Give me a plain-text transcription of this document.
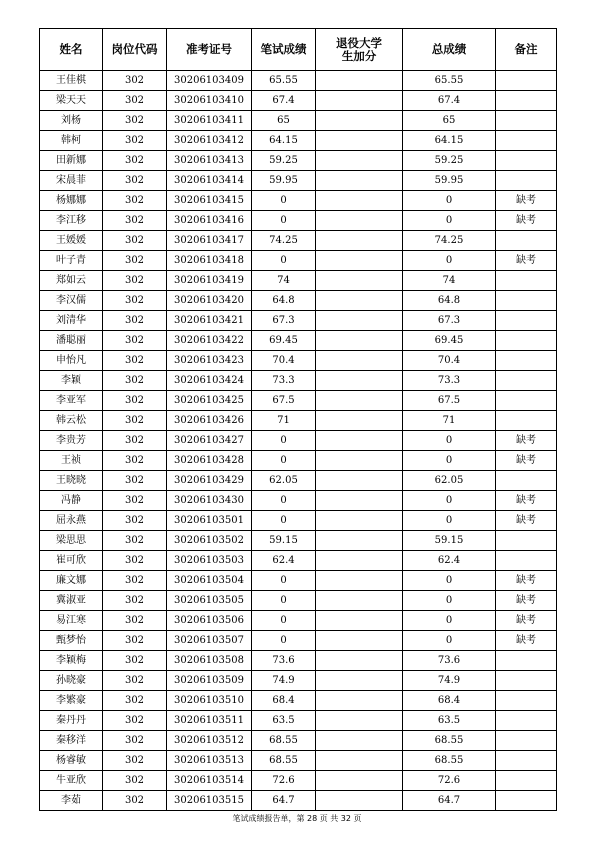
姓名	岗位代码	准考证号	笔试成绩	退役大学生加分	总成绩	备注
王佳棋	302	30206103409	65.55		65.55	
梁天天	302	30206103410	67.4		67.4	
刘杨	302	30206103411	65		65	
韩柯	302	30206103412	64.15		64.15	
田新娜	302	30206103413	59.25		59.25	
宋晨菲	302	30206103414	59.95		59.95	
杨娜娜	302	30206103415	0		0	缺考
李江移	302	30206103416	0		0	缺考
王媛媛	302	30206103417	74.25		74.25	
叶子青	302	30206103418	0		0	缺考
郑如云	302	30206103419	74		74	
李汉儒	302	30206103420	64.8		64.8	
刘清华	302	30206103421	67.3		67.3	
潘聪丽	302	30206103422	69.45		69.45	
申怡凡	302	30206103423	70.4		70.4	
李颖	302	30206103424	73.3		73.3	
李亚军	302	30206103425	67.5		67.5	
韩云松	302	30206103426	71		71	
李贵芳	302	30206103427	0		0	缺考
王祯	302	30206103428	0		0	缺考
王晓晓	302	30206103429	62.05		62.05	
冯静	302	30206103430	0		0	缺考
屈永燕	302	30206103501	0		0	缺考
梁思思	302	30206103502	59.15		59.15	
崔可欣	302	30206103503	62.4		62.4	
廉文娜	302	30206103504	0		0	缺考
冀淑亚	302	30206103505	0		0	缺考
易江寒	302	30206103506	0		0	缺考
甄梦怡	302	30206103507	0		0	缺考
李颖梅	302	30206103508	73.6		73.6	
孙晓豪	302	30206103509	74.9		74.9	
李繁豪	302	30206103510	68.4		68.4	
秦丹丹	302	30206103511	63.5		63.5	
秦移洋	302	30206103512	68.55		68.55	
杨睿敏	302	30206103513	68.55		68.55	
牛亚欣	302	30206103514	72.6		72.6	
李茹	302	30206103515	64.7		64.7	
笔试成绩报告单，第 28 页 共 32 页
